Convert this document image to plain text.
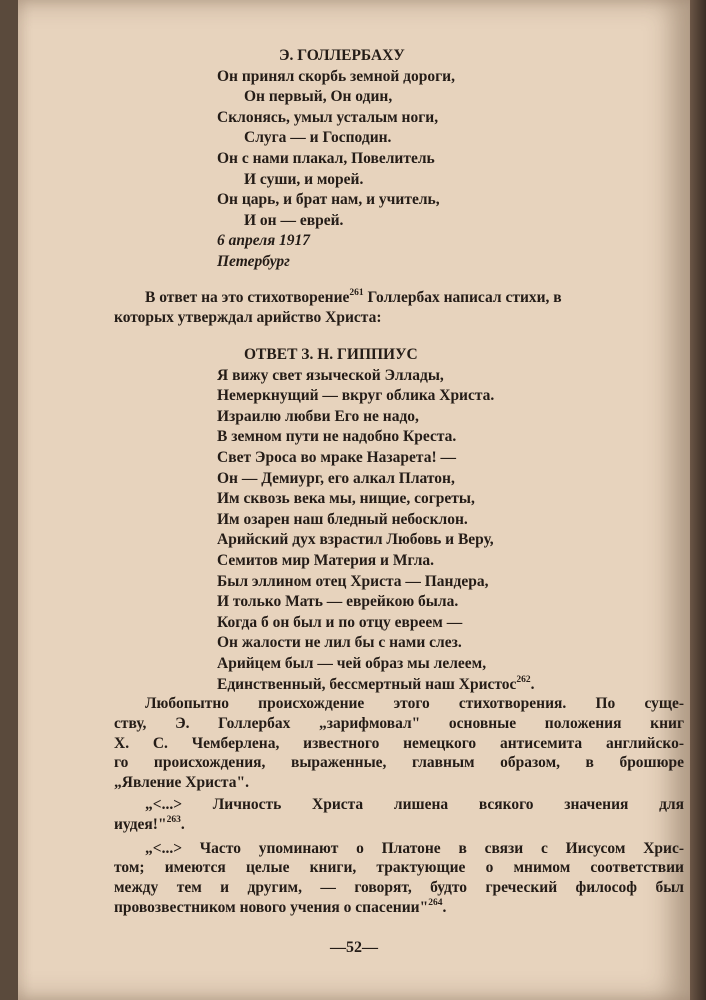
Э. ГОЛЛЕРБАХУ
Он принял скорбь земной дороги,
Он первый, Он один,
Склонясь, умыл усталым ноги,
Слуга — и Господин.
Он с нами плакал, Повелитель
И суши, и морей.
Он царь, и брат нам, и учитель,
И он — еврей.
6 апреля 1917
Петербург
В ответ на это стихотворение$^{261}$ Голлербах написал стихи, в
которых утверждал арийство Христа:
ОТВЕТ З. Н. ГИППИУС
Я вижу свет языческой Эллады,
Немеркнущий — вкруг облика Христа.
Израилю любви Его не надо,
В земном пути не надобно Креста.
Свет Эроса во мраке Назарета! —
Он — Демиург, его алкал Платон,
Им сквозь века мы, нищие, согреты,
Им озарен наш бледный небосклон.
Арийский дух взрастил Любовь и Веру,
Семитов мир Материя и Мгла.
Был эллином отец Христа — Пандера,
И только Мать — еврейкою была.
Когда б он был и по отцу евреем —
Он жалости не лил бы с нами слез.
Арийцем был — чей образ мы лелеем,
Единственный, бессмертный наш Христос$^{262}$.
Любопытно происхождение этого стихотворения. По суще-
ству, Э. Голлербах „зарифмовал" основные положения книг
Х. С. Чемберлена, известного немецкого антисемита английско-
го происхождения, выраженные, главным образом, в брошюре
„Явление Христа".
„<...> Личность Христа лишена всякого значения для
иудея!"$^{263}$.
„<...> Часто упоминают о Платоне в связи с Иисусом Хрис-
том; имеются целые книги, трактующие о мнимом соответствии
между тем и другим, — говорят, будто греческий философ был
провозвестником нового учения о спасении"$^{264}$.
—52—
